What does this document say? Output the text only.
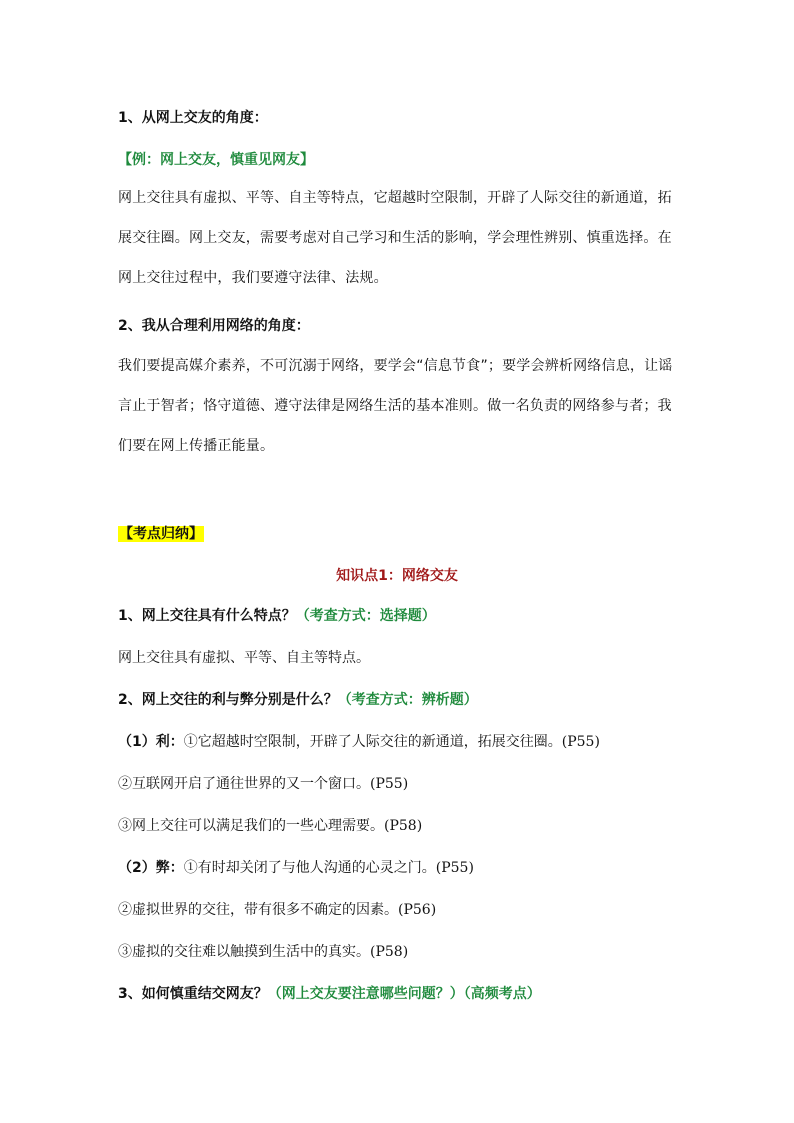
1、从网上交友的角度：
【例：网上交友，慎重见网友】
网上交往具有虚拟、平等、自主等特点，它超越时空限制，开辟了人际交往的新通道，拓展交往圈。网上交友，需要考虑对自己学习和生活的影响，学会理性辨别、慎重选择。在网上交往过程中，我们要遵守法律、法规。
2、我从合理利用网络的角度：
我们要提高媒介素养，不可沉溺于网络，要学会“信息节食”；要学会辨析网络信息，让谣言止于智者；恪守道德、遵守法律是网络生活的基本准则。做一名负责的网络参与者；我们要在网上传播正能量。
【考点归纳】
知识点1：网络交友
1、网上交往具有什么特点？（考查方式：选择题）
网上交往具有虚拟、平等、自主等特点。
2、网上交往的利与弊分别是什么？（考查方式：辨析题）
（1）利：①它超越时空限制，开辟了人际交往的新通道，拓展交往圈。(P55)
②互联网开启了通往世界的又一个窗口。(P55)
③网上交往可以满足我们的一些心理需要。(P58)
（2）弊：①有时却关闭了与他人沟通的心灵之门。(P55)
②虚拟世界的交往，带有很多不确定的因素。(P56)
③虚拟的交往难以触摸到生活中的真实。(P58)
3、如何慎重结交网友？（网上交友要注意哪些问题？）（高频考点）
